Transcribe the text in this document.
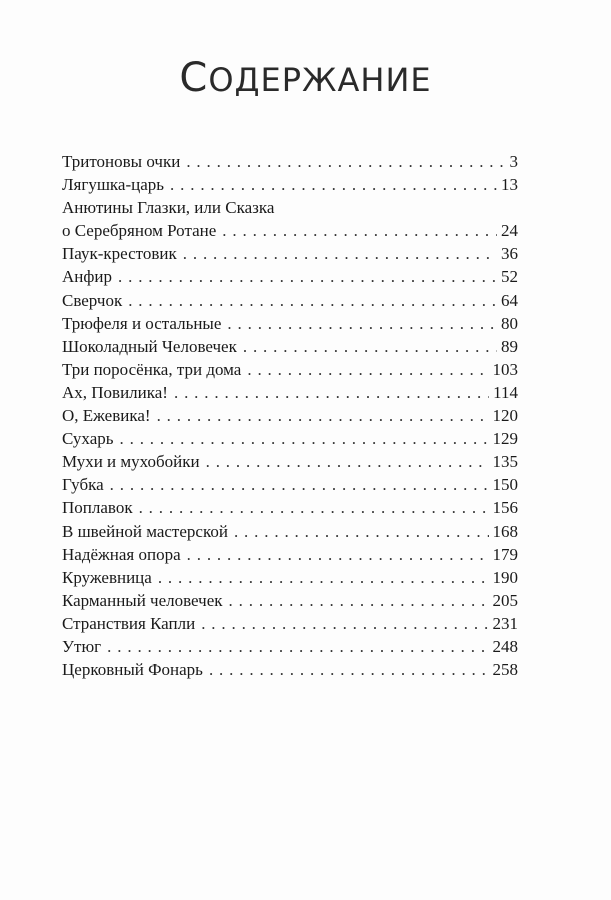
СОДЕРЖАНИЕ
Тритоновы очки . . .	3
Лягушка-царь . . .	13
Анютины Глазки, или Сказка
о Серебряном Ротане . . .	24
Паук-крестовик . . .	36
Анфир . . .	52
Сверчок . . .	64
Трюфеля и остальные . . .	80
Шоколадный Человечек . . .	89
Три поросёнка, три дома . . .	103
Ах, Повилика! . . .	114
О, Ежевика! . . .	120
Сухарь . . .	129
Мухи и мухобойки . . .	135
Губка . . .	150
Поплавок . . .	156
В швейной мастерской . . .	168
Надёжная опора . . .	179
Кружевница . . .	190
Карманный человечек . . .	205
Странствия Капли . . .	231
Утюг . . .	248
Церковный Фонарь . . .	258
